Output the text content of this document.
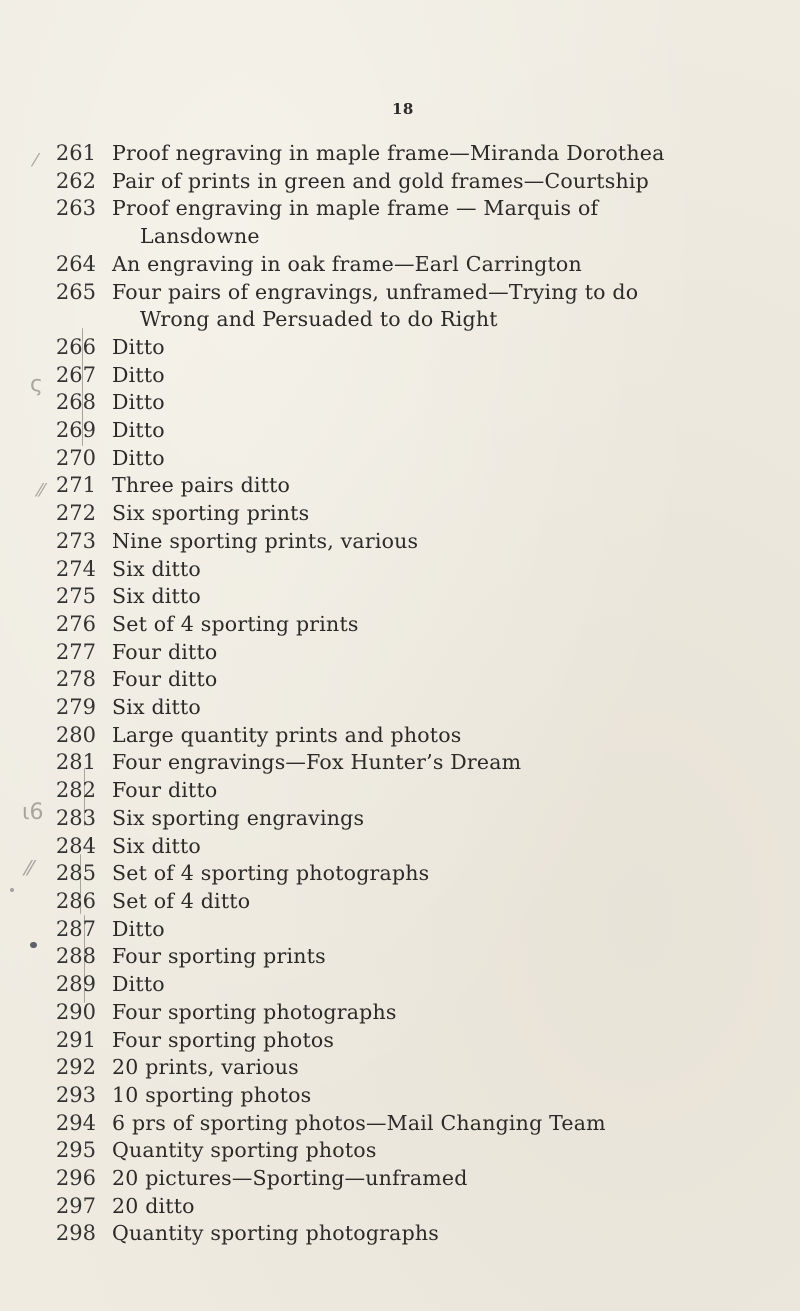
18
⁄
ς
⁄⁄
ι6
⁄⁄
261 Proof negraving in maple frame—Miranda Dorothea
262 Pair of prints in green and gold frames—Courtship
263 Proof engraving in maple frame — Marquis of
Lansdowne
264 An engraving in oak frame—Earl Carrington
265 Four pairs of engravings, unframed—Trying to do
Wrong and Persuaded to do Right
266 Ditto
267 Ditto
268 Ditto
269 Ditto
270 Ditto
271 Three pairs ditto
272 Six sporting prints
273 Nine sporting prints, various
274 Six ditto
275 Six ditto
276 Set of 4 sporting prints
277 Four ditto
278 Four ditto
279 Six ditto
280 Large quantity prints and photos
281 Four engravings—Fox Hunter’s Dream
282 Four ditto
283 Six sporting engravings
284 Six ditto
285 Set of 4 sporting photographs
286 Set of 4 ditto
287 Ditto
288 Four sporting prints
289 Ditto
290 Four sporting photographs
291 Four sporting photos
292 20 prints, various
293 10 sporting photos
294 6 prs of sporting photos—Mail Changing Team
295 Quantity sporting photos
296 20 pictures—Sporting—unframed
297 20 ditto
298 Quantity sporting photographs
